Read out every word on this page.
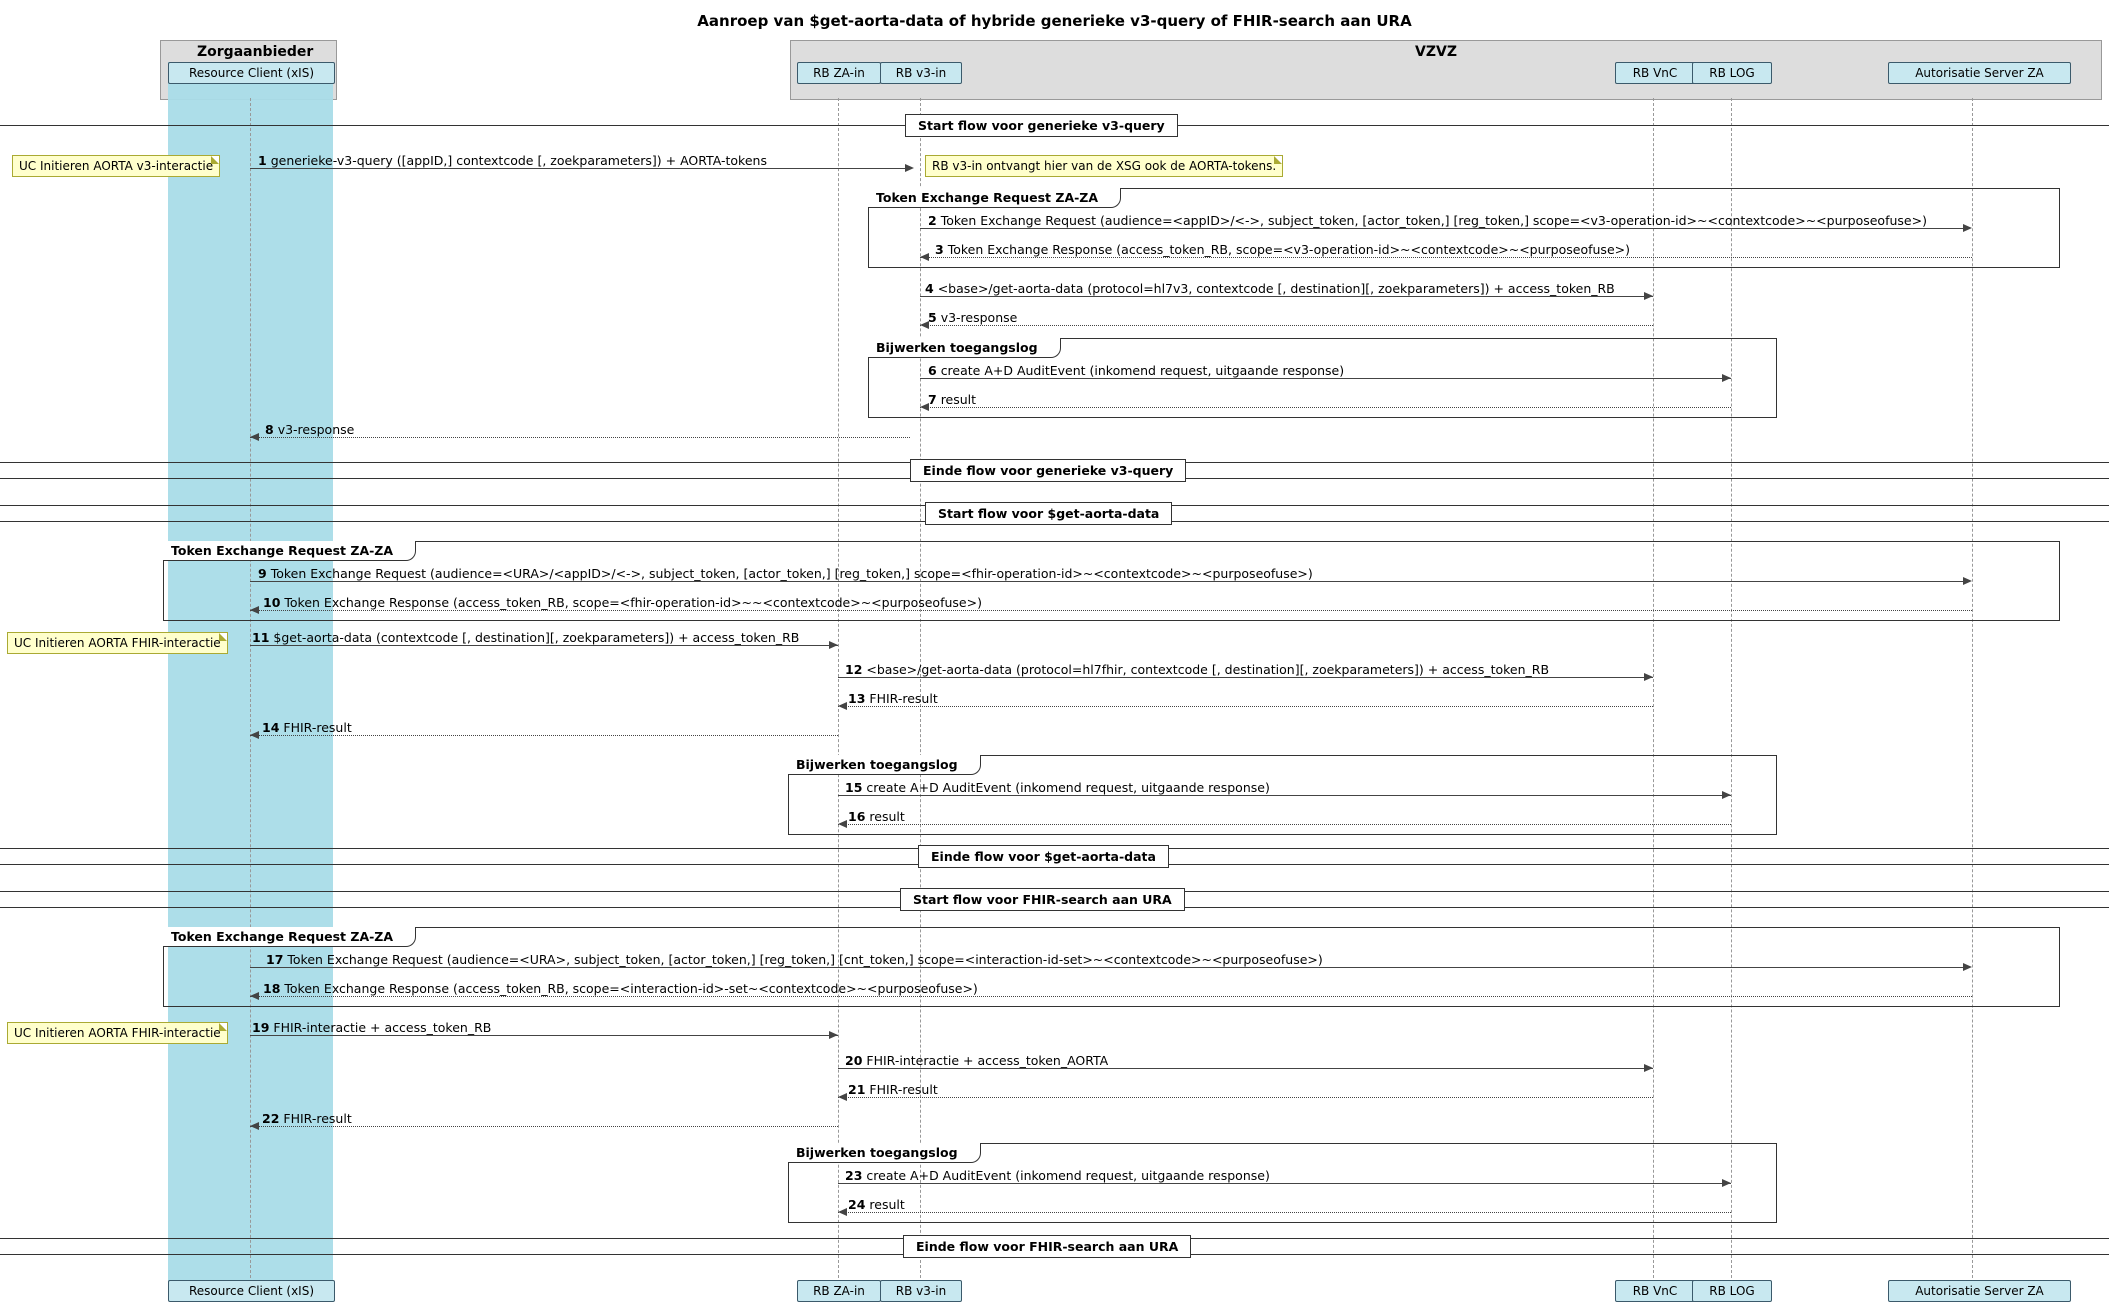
Aanroep van $get-aorta-data of hybride generieke v3-query of FHIR-search aan URA
Zorgaanbieder	VZVZ
Resource Client (xIS)	RB ZA-in	RB v3-in	RB VnC	RB LOG	Autorisatie Server ZA
Resource Client (xIS)	RB ZA-in	RB v3-in	RB VnC	RB LOG	Autorisatie Server ZA
Start flow voor generieke v3-query
UC Initieren AORTA v3-interactie	1 generieke-v3-query ([appID,] contextcode [, zoekparameters]) + AORTA-tokens	RB v3-in ontvangt hier van de XSG ook de AORTA-tokens.
Token Exchange Request ZA-ZA
2 Token Exchange Request (audience=<appID>/<->, subject_token, [actor_token,] [reg_token,] scope=<v3-operation-id>~<contextcode>~<purposeofuse>)
3 Token Exchange Response (access_token_RB, scope=<v3-operation-id>~<contextcode>~<purposeofuse>)
4 <base>/get-aorta-data (protocol=hl7v3, contextcode [, destination][, zoekparameters]) + access_token_RB
5 v3-response
Bijwerken toegangslog
6 create A+D AuditEvent (inkomend request, uitgaande response)
7 result
8 v3-response
Einde flow voor generieke v3-query
Start flow voor $get-aorta-data
Token Exchange Request ZA-ZA
9 Token Exchange Request (audience=<URA>/<appID>/<->, subject_token, [actor_token,] [reg_token,] scope=<fhir-operation-id>~<contextcode>~<purposeofuse>)
10 Token Exchange Response (access_token_RB, scope=<fhir-operation-id>~~<contextcode>~<purposeofuse>)
UC Initieren AORTA FHIR-interactie	11 $get-aorta-data (contextcode [, destination][, zoekparameters]) + access_token_RB
12 <base>/get-aorta-data (protocol=hl7fhir, contextcode [, destination][, zoekparameters]) + access_token_RB
13 FHIR-result
14 FHIR-result
Bijwerken toegangslog
15 create A+D AuditEvent (inkomend request, uitgaande response)
16 result
Einde flow voor $get-aorta-data
Start flow voor FHIR-search aan URA
Token Exchange Request ZA-ZA
17 Token Exchange Request (audience=<URA>, subject_token, [actor_token,] [reg_token,] [cnt_token,] scope=<interaction-id-set>~<contextcode>~<purposeofuse>)
18 Token Exchange Response (access_token_RB, scope=<interaction-id>-set~<contextcode>~<purposeofuse>)
UC Initieren AORTA FHIR-interactie	19 FHIR-interactie + access_token_RB
20 FHIR-interactie + access_token_AORTA
21 FHIR-result
22 FHIR-result
Bijwerken toegangslog
23 create A+D AuditEvent (inkomend request, uitgaande response)
24 result
Einde flow voor FHIR-search aan URA
